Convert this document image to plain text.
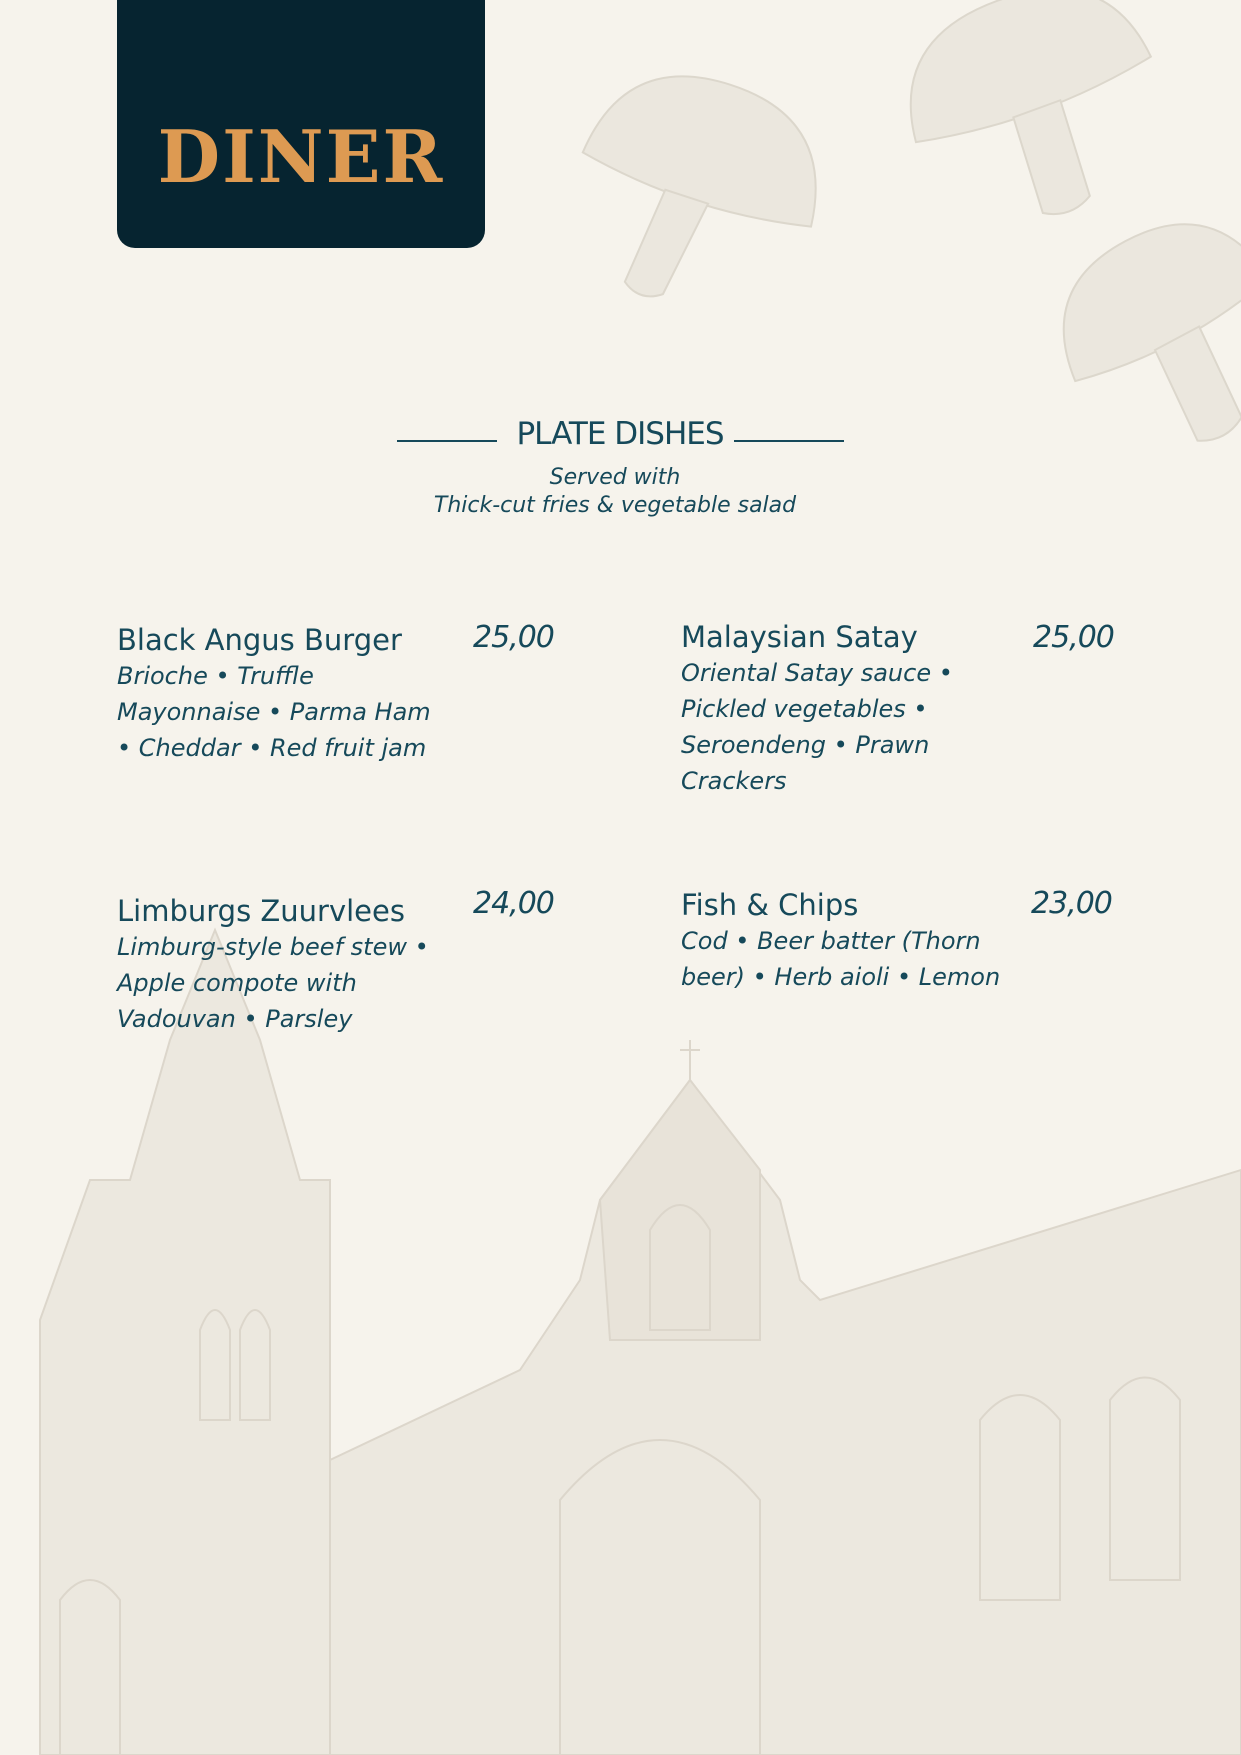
DINER
PLATE DISHES
Served with
Thick-cut fries & vegetable salad
Black Angus Burger
Brioche • Truffle Mayonnaise • Parma Ham • Cheddar • Red fruit jam
25,00	Malaysian Satay
Oriental Satay sauce • Pickled vegetables • Seroendeng • Prawn Crackers
25,00
Limburgs Zuurvlees
Limburg-style beef stew • Apple compote with Vadouvan • Parsley
24,00	Fish & Chips
Cod • Beer batter (Thorn beer) • Herb aioli • Lemon
23,00
